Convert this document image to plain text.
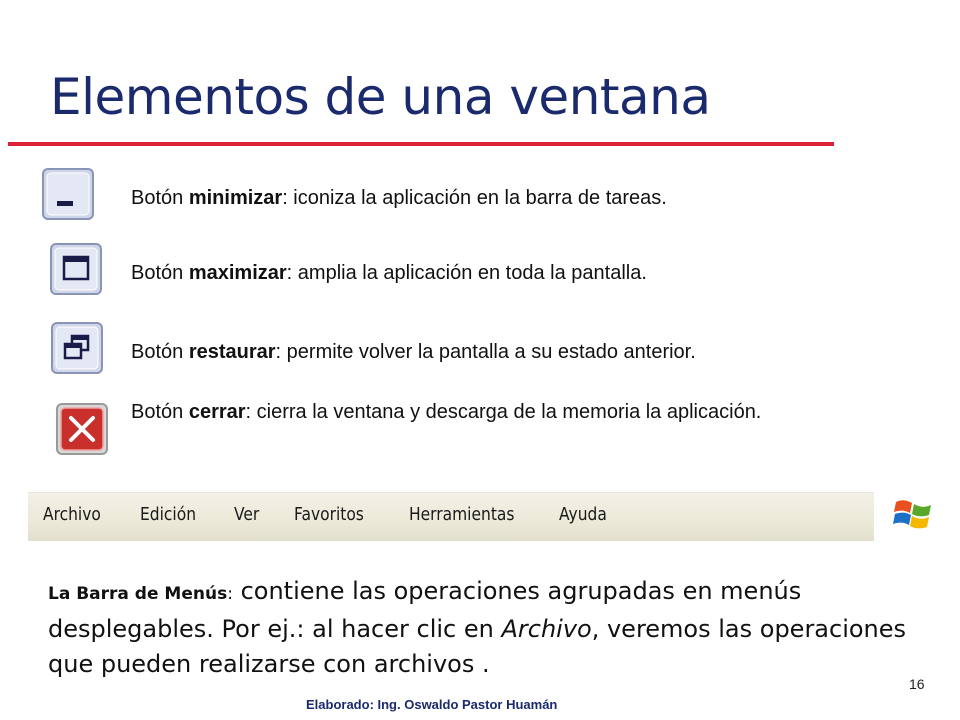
Elementos de una ventana
Botón minimizar: iconiza la aplicación en la barra de tareas.
Botón maximizar: amplia la aplicación en toda la pantalla.
Botón restaurar: permite volver la pantalla a su estado anterior.
Botón cerrar: cierra la ventana y descarga de la memoria la aplicación.
Archivo Edición Ver Favoritos	Herramientas Ayuda
La Barra de Menús: contiene las operaciones agrupadas en menús desplegables. Por ej.: al hacer clic en Archivo, veremos las operaciones que pueden realizarse con archivos .
Elaborado: Ing. Oswaldo Pastor Huamán
16
